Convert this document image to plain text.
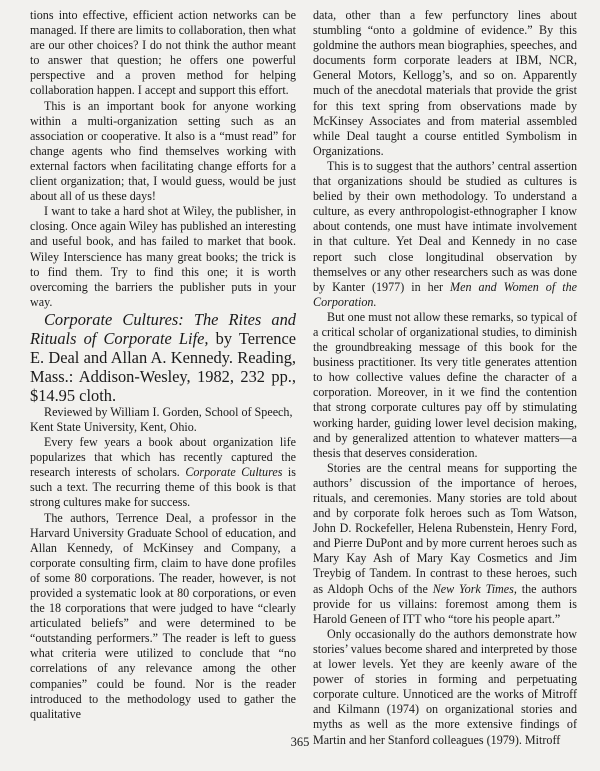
tions into effective, efficient action networks can be managed. If there are limits to collaboration, then what are our other choices? I do not think the author meant to answer that question; he offers one powerful perspective and a proven method for helping collaboration happen. I accept and support this effort.

This is an important book for anyone working within a multi-organization setting such as an association or cooperative. It also is a “must read” for change agents who find themselves working with external factors when facilitating change efforts for a client organization; that, I would guess, would be just about all of us these days!

I want to take a hard shot at Wiley, the publisher, in closing. Once again Wiley has published an interesting and useful book, and has failed to market that book. Wiley Interscience has many great books; the trick is to find them. Try to find this one; it is worth overcoming the barriers the publisher puts in your way.

Corporate Cultures: The Rites and Rituals of Corporate Life, by Terrence E. Deal and Allan A. Kennedy. Reading, Mass.: Addison-Wesley, 1982, 232 pp., $14.95 cloth.

Reviewed by William I. Gorden, School of Speech, Kent State University, Kent, Ohio.

Every few years a book about organization life popularizes that which has recently captured the research interests of scholars. Corporate Cultures is such a text. The recurring theme of this book is that strong cultures make for success.

The authors, Terrence Deal, a professor in the Harvard University Graduate School of education, and Allan Kennedy, of McKinsey and Company, a corporate consulting firm, claim to have done profiles of some 80 corporations. The reader, however, is not provided a systematic look at 80 corporations, or even the 18 corporations that were judged to have “clearly articulated beliefs” and were determined to be “outstanding performers.” The reader is left to guess what criteria were utilized to conclude that “no correlations of any relevance among the other companies” could be found. Nor is the reader introduced to the methodology used to gather the qualitative

data, other than a few perfunctory lines about stumbling “onto a goldmine of evidence.” By this goldmine the authors mean biographies, speeches, and documents form corporate leaders at IBM, NCR, General Motors, Kellogg’s, and so on. Apparently much of the anecdotal materials that provide the grist for this text spring from observations made by McKinsey Associates and from material assembled while Deal taught a course entitled Symbolism in Organizations.

This is to suggest that the authors’ central assertion that organizations should be studied as cultures is belied by their own methodology. To understand a culture, as every anthropologist-ethnographer I know about contends, one must have intimate involvement in that culture. Yet Deal and Kennedy in no case report such close longitudinal observation by themselves or any other researchers such as was done by Kanter (1977) in her Men and Women of the Corporation.

But one must not allow these remarks, so typical of a critical scholar of organizational studies, to diminish the groundbreaking message of this book for the business practitioner. Its very title generates attention to how collective values define the character of a corporation. Moreover, in it we find the contention that strong corporate cultures pay off by stimulating working harder, guiding lower level decision making, and by generalized attention to whatever matters—a thesis that deserves consideration.

Stories are the central means for supporting the authors’ discussion of the importance of heroes, rituals, and ceremonies. Many stories are told about and by corporate folk heroes such as Tom Watson, John D. Rockefeller, Helena Rubenstein, Henry Ford, and Pierre DuPont and by more current heroes such as Mary Kay Ash of Mary Kay Cosmetics and Jim Treybig of Tandem. In contrast to these heroes, such as Aldoph Ochs of the New York Times, the authors provide for us villains: foremost among them is Harold Geneen of ITT who “tore his people apart.”

Only occasionally do the authors demonstrate how stories’ values become shared and interpreted by those at lower levels. Yet they are keenly aware of the power of stories in forming and perpetuating corporate culture. Unnoticed are the works of Mitroff and Kilmann (1974) on organizational stories and myths as well as the more extensive findings of Martin and her Stanford colleagues (1979). Mitroff

365
